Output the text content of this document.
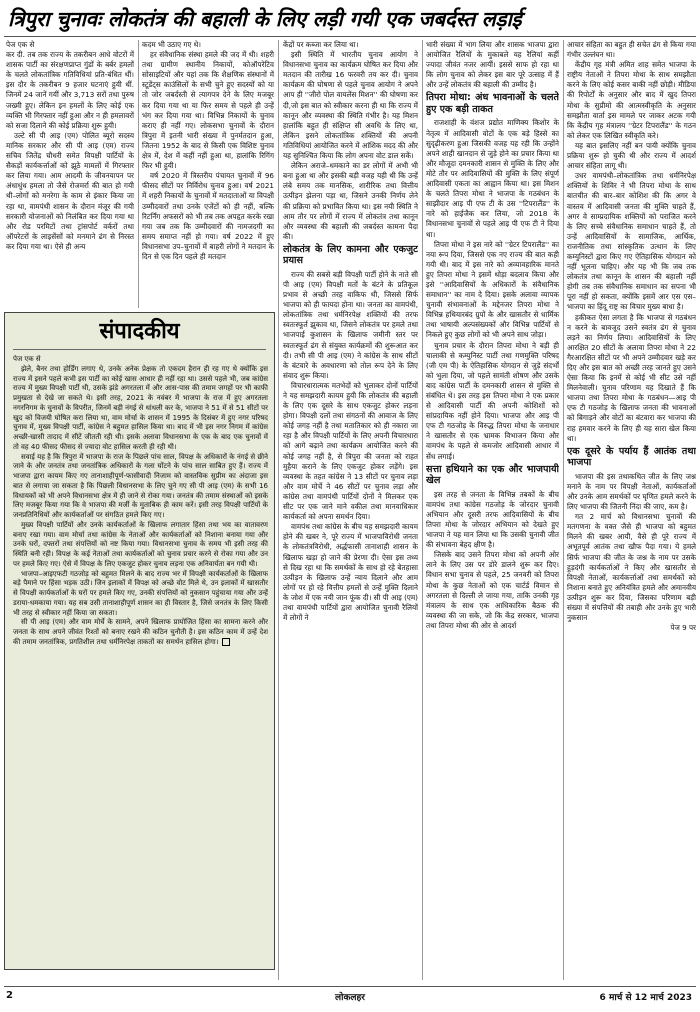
त्रिपुरा चुनावः लोकतंत्र की बहाली के लिए लड़ी गयी एक जबर्दस्त लड़ाई

पेज एक से

कर दी. तब तक राज्य के तकरीबन आधे वोटरों में शासक पार्टी का संरक्षणप्राप्त गुंडों के बर्बर हमलों के चलते लोकतांत्रिक गतिविधियां प्रति-बंधित थीं। इस दौर के तकरीबन 9 हजार घटनाएं हुयी थीं. जिनमें 24 जानें गयीं और 3,713 सरों तथा पुरुष जख्मी हुए। लेकिन इन हमलों के लिए कोई एक व्यक्ति भी गिरफ्तार नहीं हुआ और न ही हमलावरों को सजा दिलाने की कोई प्रक्रिया शुरू हुयी।

उल्टे सी पी आइ (एम) पोलित ब्यूरो सदस्य मानिक सरकार और सी पी आइ (एम) राज्य सचिव जितेंद्र चौधरी समेत विपक्षी पार्टियों के सैकड़ों कार्यकर्त्ताओं को झूठे मामलों में गिरफ्तार कर लिया गया। आम आदमी के जीवनयापन पर अंधाधुंध हमला तो जैसे रोजमर्रा की बात हो गयी थी–लोगों को मनरेगा के काम से इंकार किया जा रहा था, वामपंथी शासन के दौरान मंजूर की गयी सरकारी योजनाओं को निलंबित कर दिया गया था और रोड परमिटों तथा ट्रांसपोर्ट वर्करों तथा ऑपरेटरों के लाइसेंसों को मनमाने ढंग से निरस्त कर दिया गया था। ऐसे ही अन्य

कदम भी उठाए गए थे।

हर संवैधानिक संस्था हमले की जद में थी। शहरी तथा ग्रामीण स्थानीय निकायों, कोऑपरेटिव सोसाइटियों और यहां तक कि शैक्षणिक संस्थानों में स्टूडेंट्स काउंसिलों के सभी चुने हुए सदस्यों को या तो जोर जबर्दस्ती से त्यागपत्र देने के लिए मजबूर कर दिया गया था या फिर समय से पहले ही उन्हें भंग कर दिया गया था। विभिन्न निकायों के चुनाव कराए ही नहीं गए। लोकसभा चुनावों के दौरान त्रिपुरा में इतनी भारी संख्या में पुनर्मतदान हुआ, जितना 1952 के बाद से किसी एक विशिष्ट चुनाव क्षेत्र में, देश में कहीं नहीं हुआ था, हालांकि रिगिंग फिर भी हुयी।

वर्ष 2020 में त्रिस्तरीय पंचायत चुनावों में 96 फीसद सीटों पर निर्विरोध चुनाव हुआ। वर्ष 2021 में शहरी निकायों के चुनावों में मतदाताओं या विपक्षी उम्मीदवारों तथा उनके एजेंटों को ही नहीं, बल्कि रिटर्निंग अफसरों को भी तब तक अपहृत करके रखा गया जब तक कि उम्मीदवारों की नामजदगी का समय समाप्त नहीं हो गया। वर्ष 2022 में हुए विधानसभा उप–चुनावों में बाहरी लोगों ने मतदान के दिन से एक दिन पहले ही मतदान

संपादकीय

पेज एक से

झेले, बैनर तथा होर्डिंग लगाए थे, उनके अनेक प्रेक्षक तो एकदम हैरान ही रह गए थे क्योंकि इस राज्य में इसने पहले कभी इस पार्टी का कोई खास आधार ही नहीं रहा था। उससे पहले भी, जब कांग्रेस राज्य में मुख्य विपक्षी पार्टी थी, उसके झंडे अगरतला में और आस-पास की तमाम जगहों पर भी काफी प्रमुखता से देखे जा सकते थे। इसी तरह, 2021 के नवंबर में भाजपा के राज में हुए अगरतला नगरनिगम के चुनावों के विपरीत, जिनमें बड़ी नंगई से धांधली कर के, भाजपा ने 51 में से 51 सीटों पर खुद को विजयी घोषित करा लिया था, वाम मोर्चा के शासन में 1995 के दिसंबर में हुए नगर परिषद चुनाव में, मुख्य विपक्षी पार्टी, कांग्रेस ने बहुमत हासिल किया था। बाद में भी इस नगर निगम में कांग्रेस अच्छी-खासी तादाद में सीटें जीतती रही थी। इसके अलावा विधानसभा के एक के बाद एक चुनावों में तो वह 40 फीसद फीसद से ज्यादा वोट हासिल करती ही रही थी।

सवाई यह है कि त्रिपुरा में भाजपा के राज के पिछले पांच साल, विपक्ष के अधिकारों के नंगई से छीने जाने के और जनतंत्र तथा जनतांत्रिक अधिकारों के गला घोंटने के पांच साल साबित हुए हैं। राज्य में भाजपा द्वारा कायम किए गए तानाशाहीपूर्ण-फासीवादी निजाम को वास्तविक सुप्रीम का अंदाजा इस बात से लगाया जा सकता है कि पिछली विधानसभा के लिए चुने गए सी पी आइ (एम) के सभी 16 विधायकों को भी अपने विधानसभा क्षेत्र में ही जाने से रोका गया। जनतंत्र की तमाम संस्थाओं को इसके लिए मजबूर किया गया कि वे भाजपा की मर्जी के मुताबिक ही काम करें। इसी तरह विपक्षी पार्टियों के जनप्रतिनिधियों और कार्यकर्ताओं पर संगठित हमले किए गए।

मुख्य विपक्षी पार्टियों और उनके कार्यकर्ताओं के खिलाफ लगातार हिंसा तथा भय का वातावरण बनाए रखा गया। वाम मोर्चा तथा कांग्रेस के नेताओं और कार्यकर्ताओं को निशाना बनाया गया और उनके घरों, दफ्तरों तथा संपत्तियों को नष्ट किया गया। विधानसभा चुनाव के समय भी इसी तरह की स्थिति बनी रही। विपक्ष के कई नेताओं तथा कार्यकर्ताओं को चुनाव प्रचार करने से रोका गया और उन पर हमले किए गए। ऐसे में विपक्ष के लिए एकजुट होकर चुनाव लड़ना एक अनिवार्यता बन गयी थी।

भाजपा–आइएफटी गठजोड़ को बहुमत मिलने के बाद राज्य भर में विपक्षी कार्यकर्ताओं के खिलाफ बड़े पैमाने पर हिंसा भड़क उठी। जिन इलाकों में विपक्ष को अच्छे वोट मिले थे, उन इलाकों में खासतौर से विपक्षी कार्यकर्ताओं के घरों पर हमले किए गए, उनकी संपत्तियों को नुकसान पहुंचाया गया और उन्हें डराया-धमकाया गया। यह सब उसी तानाशाहीपूर्ण शासन का ही विस्तार है, जिसे जनतंत्र के लिए किसी भी तरह से स्वीकार नहीं किया जा सकता।

सी पी आइ (एम) और वाम मोर्चे के सामने, अपने खिलाफ प्रायोजित हिंसा का सामना करने और जनता के साथ अपने जीवंत रिश्तों को बनाए रखने की कठिन चुनौती है। इस कठिन काम में उन्हें देश की तमाम जनतांत्रिक, प्रगतिशील तथा धर्मनिरपेक्ष ताकतों का समर्थन हासिल होगा।

केंद्रों पर कब्जा कर लिया था।

इसी स्थिति में भारतीय चुनाव आयोग ने विधानसभा चुनाव का कार्यक्रम घोषित कर दिया और मतदान की तारीख 16 फरवरी तय कर दी। चुनाव कार्यक्रम की घोषणा से पहले चुनाव आयोग ने अपने आप ही ''जीरो पोल वायलेंस मिशन'' की घोषणा कर दी,जो इस बात को स्वीकार करना ही था कि राज्य में कानून और व्यवस्था की स्थिति गंभीर है। यह मिशन हालांकि बहुत ही संक्षिप्त सी अवधि के लिए था, लेकिन इसने लोकतांत्रिक शक्तियों की अपनी गतिविधियां आयोजित करने में आंशिक मदद की और यह सुनिश्चित किया कि लोग अपना वोट डाल सकें।

लेकिन अराजे–धमकाने का डर लोगों में अभी भी बना हुआ था और इसकी बड़ी वजह यही थी कि उन्हें लंबे समय तक मानसिक, शारीरिक तथा वित्तीय उत्पीड़न झेलना पड़ा था, जिसने उनकी निर्णय लेने की प्रक्रिया को प्रभावित किया था। इस नयी स्थिति ने आम तौर पर लोगों में राज्य में लोकतंत्र तथा कानून और व्यवस्था की बहाली की जबर्दस्त कामना पैदा की।

लोकतंत्र के लिए कामना और एकजुट प्रयास

राज्य की सबसे बड़ी विपक्षी पार्टी होने के नाते सी पी आइ (एम) विपक्षी मतों के बंटने के प्रतिकूल प्रभाव से अच्छी तरह वाकिफ थी, जिससे सिर्फ भाजपा को ही फायदा होना था। जनता का वामपंथी, लोकतांत्रिक तथा धर्मनिरपेक्ष शक्तियों की तरफ स्वतःस्फूर्त झुकाव था, जिसने लोकतंत्र पर हमले तथा भाजपाई कुशासन के खिलाफ जमीनी स्तर पर स्वतःस्फूर्त ढंग से संयुक्त कार्यक्रमों की शुरूआत कर दी। तभी सी पी आइ (एम) ने कांग्रेस के साथ सीटों के बंटवारे के अवधारणा को तोल रूप देने के लिए संवाद शुरू किया।

विचारधारात्मक मतभेदों को भुलाकर दोनों पार्टियों ने यह समझदारी कायम हुयी कि लोकतंत्र की बहाली के लिए एक दूसरे के साथ एकजुट होकर लड़ना होगा। विपक्षी दलों तथा संगठनों की आवाज के लिए कोई जगह नहीं है तथा मतातिकार को ही नकारा जा रहा है और विपक्षी पार्टियों के लिए अपनी विचारधारा को आगे बढ़ाने तथा कार्यक्रम आयोजित करने की कोई जगह नहीं है, से त्रिपुरा की जनता को राहत मुहैया कराने के लिए एकजुट होकर लड़ेंगे। इस व्यवस्था के तहत कांग्रेस ने 13 सीटों पर चुनाव लड़ा और वाम मोर्चे ने 46 सीटों पर चुनाव लड़ा और कांग्रेस तथा वामपंथी पार्टियों दोनों ने मिलकर एक सीट पर एक जाने माने वकील तथा मानवाधिकार कार्यकर्ता को अपना समर्थन दिया।

वामपंथ तथा कांग्रेस के बीच यह समझदारी कायम होने की खबर ने, पूरे राज्य में भाजपाविरोधी जनता के लोकतंत्रविरोधी, अर्द्धफासी तानाशाही शासन के खिलाफ खड़ा हो जाने की प्रेरणा दी। ऐसा इस तथ्य से दिख रहा था कि समर्थकों के साथ हो रहे बेतहासा उत्पीड़न के खिलाफ उन्हें न्याय दिलाने और आम लोगों पर हो रहे वित्तीय हमलों से उन्हें मुक्ति दिलाने के जोश में एक नयी जान फूंक दी। सी पी आइ (एम) तथा वामपंथी पार्टियों द्वारा आयोजित चुनावी रैलियों में लोगों ने

भारी संख्या में भाग लिया और शासक भाजपा द्वारा आयोजित रैलियों के मुकाबले यह रैलियां कहीं ज्यादा जीवंत नजर आयीं। इससे साफ हो रहा था कि लोग चुनाव को लेकर इस बार पूरे उत्साह में हैं और उन्हें लोकतंत्र की बहाली की उम्मीद है।

तिपरा मोथा: अंध भावनाओं के चलते हुए एक बड़ी ताकत

राजशाही के वंशज प्रद्योत माणिक्य किशोर के नेतृत्व में आदिवासी वोटों के एक बड़े हिस्से का सुदृढ़ीकरण हुआ जिसकी वजह यह रही कि उन्होंने अपने शाही खानदान से जुड़े होने का प्रचार किया था और मौजूदा दमनकारी शासन से मुक्ति के लिए और मोटे तौर पर आदिवासियों की मुक्ति के लिए संपूर्ण आदिवासी एकता का आह्वान किया था। इस मिशन के चलते तिपरा मोथा ने भाजपा के गठबंधन के साझीदार आइ पी एफ टी के उस ''टिपरालैंड'' के नारे को हाईजैक कर लिया, जो 2018 के विधानसभा चुनावों से पहले आइ पी एफ टी ने दिया था।

तिपरा मोथा ने इस नारे को ''ग्रेटर टिपरालैंड'' का नया रूप दिया, जिससे एक नए राज्य की बात कही गयी थी। बाद में इस नारे को अव्यावहारिक मानते हुए तिपरा मोथा ने इसमें थोड़ा बदलाव किया और इसे ''आदिवासियों के अधिकारों के संवैधानिक समाधान'' का नाम दे दिया। इसके अलावा व्यापक चुनावी संभावनाओं के मद्देनजर तिपरा मोथा ने विभिन्न हथियारबंद ग्रुपों के और खासतौर से धार्मिक तथा भाषायी अल्पसंख्यकों और विभिन्न पार्टियों से निकले हुए कुछ लोगों को भी अपने साथ जोड़ा।

चुनाव प्रचार के दौरान तिपरा मोथा ने बड़ी ही चालाकी से कम्युनिस्ट पार्टी तथा गणमुक्ति परिषद (जी एम पी) के ऐतिहासिक योगदान से जुड़े संदर्भों को भुला दिया, जो पहले सामंती शोषण और उसके बाद कांग्रेस पार्टी के दमनकारी शासन से मुक्ति से संबंधित थे। इस तरह इस तिपरा मोथा ने एक प्रकार से आदिवासी पार्टी की अपनी कोशिशों को सांप्रदायिक नहीं होने दिया। भाजपा और आइ पी एफ टी गठजोड़ के विरुद्ध तिपरा मोथा के जनाधार ने खासतौर से एक भ्रामक विभाजन किया और वामपंथ के पहले से कमजोर आदिवासी आधार में सेंध लगाई।

सत्ता हथियाने का एक और भाजपायी खेल

इस तरह से जनता के विभिन्न तबकों के बीच वामपंथ तथा कांग्रेस गठजोड़ के जोरदार चुनावी अभियान और दूसरी तरफ आदिवासियों के बीच तिपरा मोथा के जोरदार अभियान को देखते हुए भाजपा ने यह मान लिया था कि उसकी चुनावी जीत की संभावना बेहद क्षीण है।

जिसके बाद उसने तिपरा मोथा को अपनी ओर लाने के लिए उस पर डोरे डालने शुरू कर दिए। विधान सभा चुनाव से पहले, 25 जनवरी को तिपरा मोथा के कुछ नेताओं को एक चार्टर्ड विमान से अगरतला से दिल्ली ले जाया गया, ताकि उनकी गृह मंत्रालय के साथ एक आधिकारिक बैठक की व्यवस्था की जा सके, जो कि केंद्र सरकार, भाजपा तथा तिपरा मोथा की ओर से आदर्श

आचार संहिता का बहुत ही सचेत ढंग से किया गया गंभीर उल्लंघन था।

केंद्रीय गृह मंत्री अमित शाह समेत भाजपा के राष्ट्रीय नेताओं ने तिपरा मोथा के साथ समझौता करने के लिए कोई कसर बाकी नहीं छोड़ी। मीडिया की रिपोर्टों के अनुसार और बाद में खुद तिपरा मोथा के सुप्रीमो की आत्मस्वीकृति के अनुसार समझौता वार्ता इस मामले पर जाकर अटक गयी कि केंद्रीय गृह मंत्रालय ''ग्रेटर टिपरालैंड'' के गठन को लेकर एक लिखित स्वीकृति करे।

यह बात इसलिए नहीं बन पायी क्योंकि चुनाव प्रक्रिया शुरू हो चुकी थी और राज्य में आदर्श आचार संहिता लागू थी।

उधर वामपंथी–लोकतांत्रिक तथा धर्मनिरपेक्ष शक्तियों के शिविर ने भी तिपरा मोथा के साथ बातचीत की बार–बार कोशिश की कि अगर वे वास्तव में आदिवासी जनता की मुक्ति चाहते हैं, अगर वे साम्प्रदायिक शक्तियों को पराजित करने के लिए सच्चे संवैधानिक समाधान चाहते हैं, तो उन्हें आदिवासियों के सामाजिक, आर्थिक, राजनीतिक तथा सांस्कृतिक उत्थान के लिए कम्युनिस्टों द्वारा किए गए ऐतिहासिक योगदान को नहीं भूलना चाहिए। और यह भी कि जब तक लोकतंत्र तथा कानून के शासन की बहाली नहीं होगी तब तक संवैधानिक समाधान का सपना भी पूरा नहीं हो सकता, क्योंकि इसमें आर एस एस–भाजपा का हिंदू राष्ट्र का विचार मुख्य बाधा है।

हकीकत ऐसा लगता है कि भाजपा से गठबंधन न करने के बावजूद उसने स्वतंत्र ढंग से चुनाव लड़ने का निर्णय लिया। आदिवासियों के लिए आरक्षित 20 सीटों के अलावा तिपरा मोथा ने 22 गैरआरक्षित सीटों पर भी अपने उम्मीदवार खड़े कर दिए और इस बात को अच्छी तरह जानते हुए उसने ऐसा किया कि इनमें से कोई भी सीट उसे नहीं मिलनेवाली। चुनाव परिणाम यह दिखाते हैं कि भाजपा तथा तिपरा मोथा के गठबंधन—आइ पी एफ टी गठजोड़ के खिलाफ जनता की भावनाओं को बिगाड़ने और वोटों का बंटवारा कर भाजपा की राह हमवार करने के लिए ही यह सारा खेल किया था।

एक दूसरे के पर्याय हैं आतंक तथा भाजपा

भाजपा की इस तथाकथित जीत के लिए जश्न मनाने के नाम पर विपक्षी नेताओं, कार्यकर्ताओं और उनके आम समर्थकों पर घृणित हमले करने के लिए भाजपा की जितनी निंदा की जाए, कम है।

गत 2 मार्च को विधानसभा चुनावों की मतगणना के वक्त जैसे ही भाजपा को बहुमत मिलने की खबर आयी, वैसे ही पूरे राज्य में अभूतपूर्व आतंक तथा खौफ पैदा गया। ये हमले सिर्फ भाजपा की जीत के जश्न के नाम पर उसके हुड़दंगी कार्यकर्ताओं ने किए और खासतौर से विपक्षी नेताओं, कार्यकर्त्ताओं तथा समर्थकों को निशाना बनाते हुए अनियंत्रित हमले और अमानवीय उत्पीड़न शुरू कर दिया, जिसका परिणाम बड़ी संख्या में संपत्तियों की तबाही और उनके हुए भारी नुकसान

पेज 9 पर

2	लोकलहर	6 मार्च से 12 मार्च 2023
